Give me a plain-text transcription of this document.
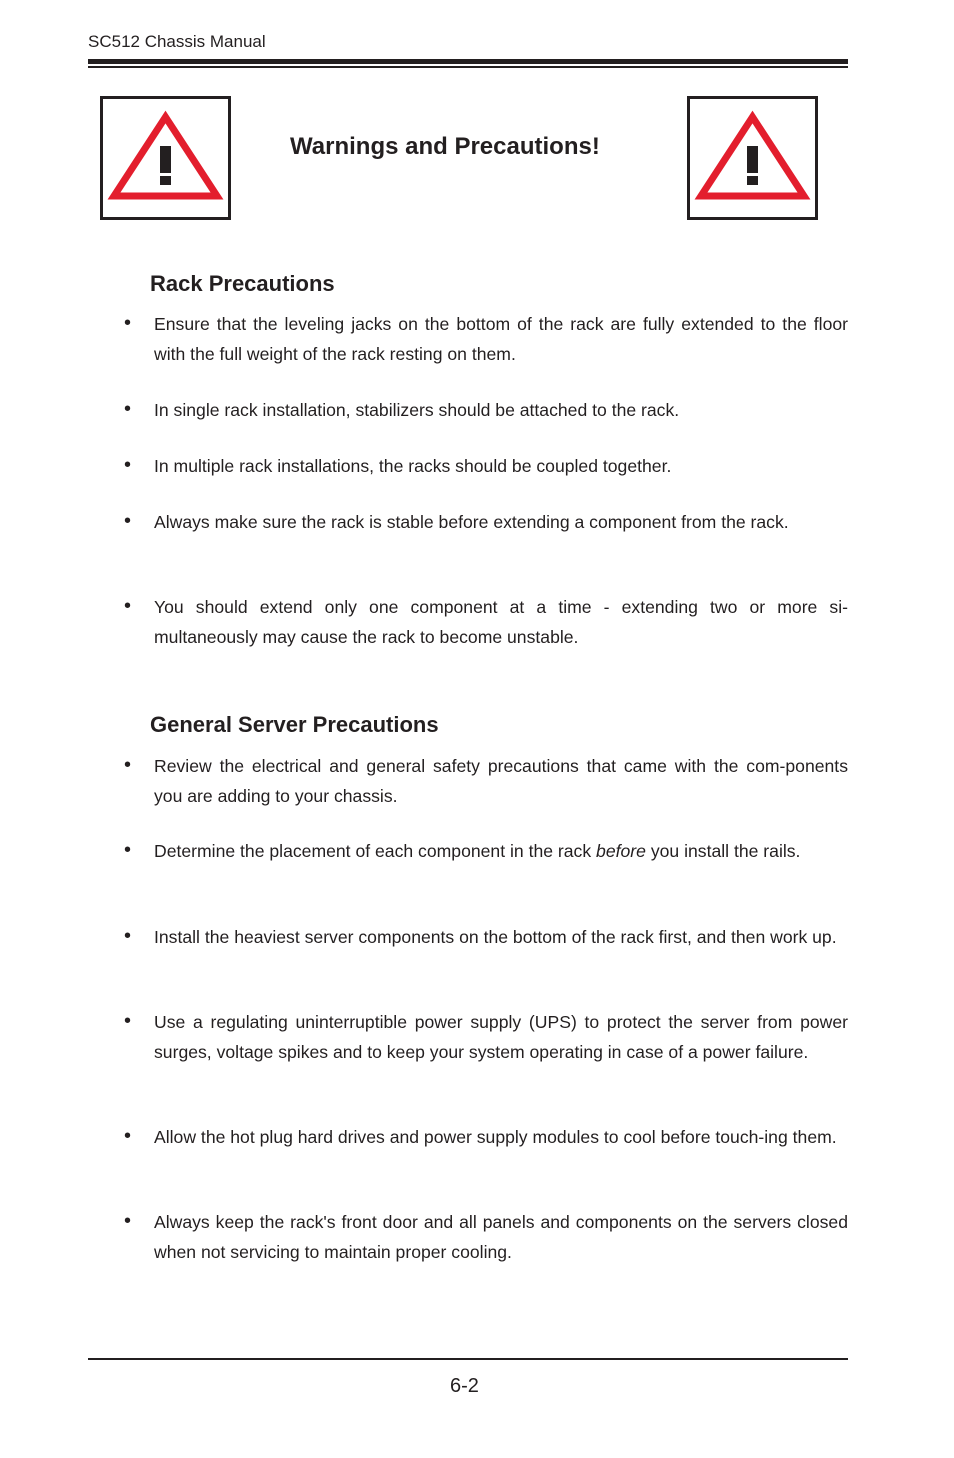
SC512 Chassis Manual
Warnings and Precautions!
Rack Precautions
• Ensure that the leveling jacks on the bottom of the rack are fully extended to the floor with the full weight of the rack resting on them.
• In single rack installation, stabilizers should be attached to the rack.
• In multiple rack installations, the racks should be coupled together.
• Always make sure the rack is stable before extending a component from the rack.
• You should extend only one component at a time - extending two or more si-multaneously may cause the rack to become unstable.
General Server Precautions
• Review the electrical and general safety precautions that came with the com-ponents you are adding to your chassis.
• Determine the placement of each component in the rack before you install the rails.
• Install the heaviest server components on the bottom of the rack first, and then work up.
• Use a regulating uninterruptible power supply (UPS) to protect the server from power surges, voltage spikes and to keep your system operating in case of a power failure.
• Allow the hot plug hard drives and power supply modules to cool before touch-ing them.
• Always keep the rack's front door and all panels and components on the servers closed when not servicing to maintain proper cooling.
6-2
